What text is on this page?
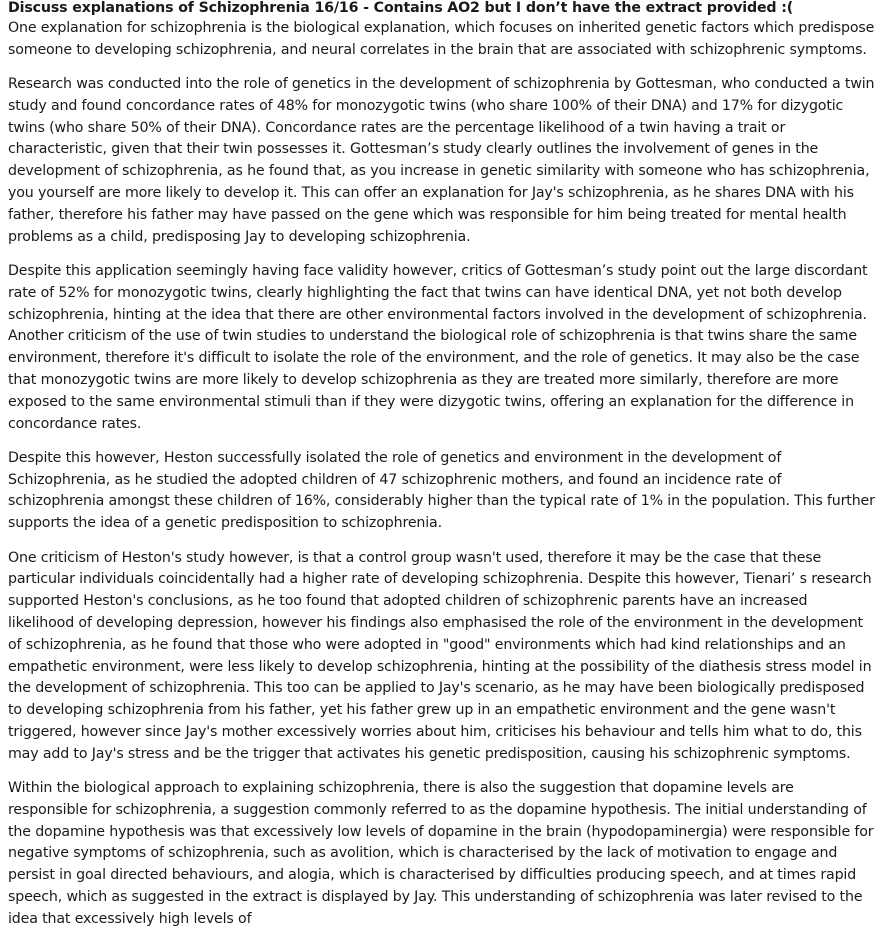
Discuss explanations of Schizophrenia 16/16 - Contains AO2 but I don’t have the extract provided :(

One explanation for schizophrenia is the biological explanation, which focuses on inherited genetic factors which predispose someone to developing schizophrenia, and neural correlates in the brain that are associated with schizophrenic symptoms.

Research was conducted into the role of genetics in the development of schizophrenia by Gottesman, who conducted a twin study and found concordance rates of 48% for monozygotic twins (who share 100% of their DNA) and 17% for dizygotic twins (who share 50% of their DNA). Concordance rates are the percentage likelihood of a twin having a trait or characteristic, given that their twin possesses it. Gottesman’s study clearly outlines the involvement of genes in the development of schizophrenia, as he found that, as you increase in genetic similarity with someone who has schizophrenia, you yourself are more likely to develop it. This can offer an explanation for Jay's schizophrenia, as he shares DNA with his father, therefore his father may have passed on the gene which was responsible for him being treated for mental health problems as a child, predisposing Jay to developing schizophrenia.

Despite this application seemingly having face validity however, critics of Gottesman’s study point out the large discordant rate of 52% for monozygotic twins, clearly highlighting the fact that twins can have identical DNA, yet not both develop schizophrenia, hinting at the idea that there are other environmental factors involved in the development of schizophrenia. Another criticism of the use of twin studies to understand the biological role of schizophrenia is that twins share the same environment, therefore it's difficult to isolate the role of the environment, and the role of genetics. It may also be the case that monozygotic twins are more likely to develop schizophrenia as they are treated more similarly, therefore are more exposed to the same environmental stimuli than if they were dizygotic twins, offering an explanation for the difference in concordance rates.

Despite this however, Heston successfully isolated the role of genetics and environment in the development of Schizophrenia, as he studied the adopted children of 47 schizophrenic mothers, and found an incidence rate of schizophrenia amongst these children of 16%, considerably higher than the typical rate of 1% in the population. This further supports the idea of a genetic predisposition to schizophrenia.

One criticism of Heston's study however, is that a control group wasn't used, therefore it may be the case that these particular individuals coincidentally had a higher rate of developing schizophrenia. Despite this however, Tienari’ s research supported Heston's conclusions, as he too found that adopted children of schizophrenic parents have an increased likelihood of developing depression, however his findings also emphasised the role of the environment in the development of schizophrenia, as he found that those who were adopted in "good" environments which had kind relationships and an empathetic environment, were less likely to develop schizophrenia, hinting at the possibility of the diathesis stress model in the development of schizophrenia. This too can be applied to Jay's scenario, as he may have been biologically predisposed to developing schizophrenia from his father, yet his father grew up in an empathetic environment and the gene wasn't triggered, however since Jay's mother excessively worries about him, criticises his behaviour and tells him what to do, this may add to Jay's stress and be the trigger that activates his genetic predisposition, causing his schizophrenic symptoms.

Within the biological approach to explaining schizophrenia, there is also the suggestion that dopamine levels are responsible for schizophrenia, a suggestion commonly referred to as the dopamine hypothesis. The initial understanding of the dopamine hypothesis was that excessively low levels of dopamine in the brain (hypodopaminergia) were responsible for negative symptoms of schizophrenia, such as avolition, which is characterised by the lack of motivation to engage and persist in goal directed behaviours, and alogia, which is characterised by difficulties producing speech, and at times rapid speech, which as suggested in the extract is displayed by Jay. This understanding of schizophrenia was later revised to the idea that excessively high levels of
